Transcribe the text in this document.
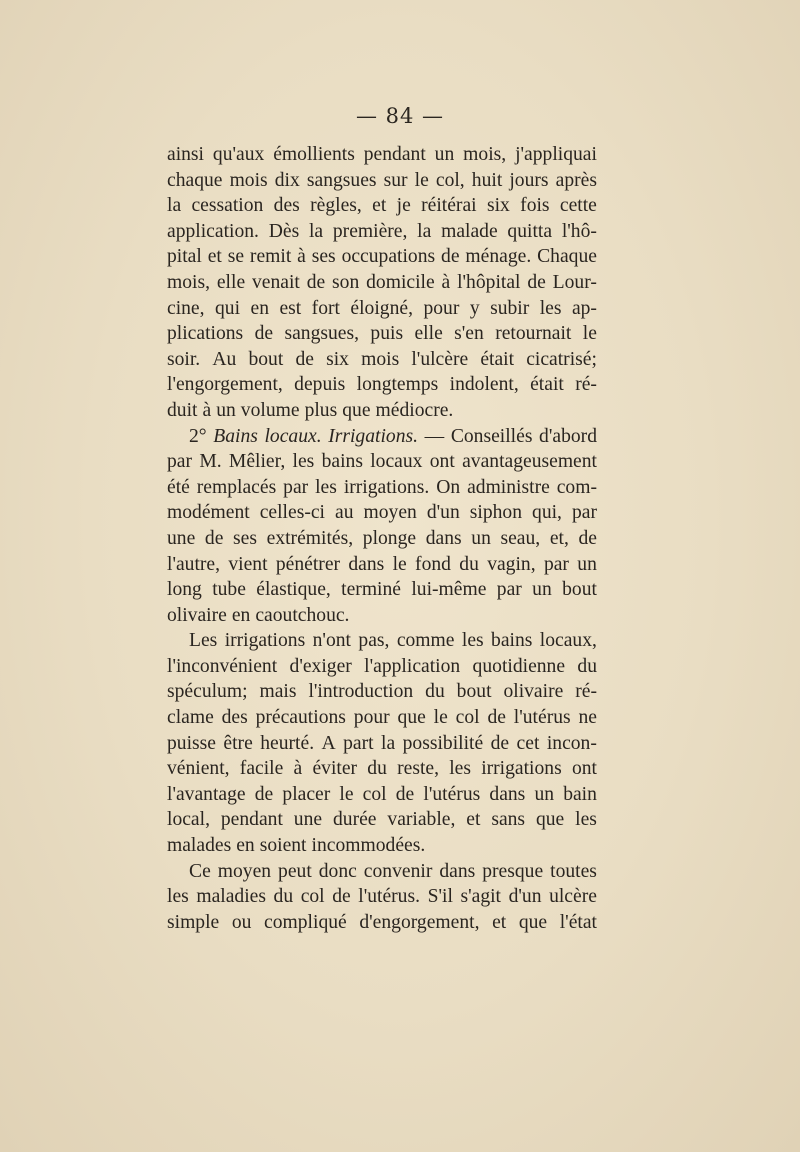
— 84 —
ainsi qu'aux émollients pendant un mois, j'appliquai
chaque mois dix sangsues sur le col, huit jours après
la cessation des règles, et je réitérai six fois cette
application. Dès la première, la malade quitta l'hô-
pital et se remit à ses occupations de ménage. Chaque
mois, elle venait de son domicile à l'hôpital de Lour-
cine, qui en est fort éloigné, pour y subir les ap-
plications de sangsues, puis elle s'en retournait le
soir. Au bout de six mois l'ulcère était cicatrisé;
l'engorgement, depuis longtemps indolent, était ré-
duit à un volume plus que médiocre.
2° Bains locaux. Irrigations. — Conseillés d'abord
par M. Mêlier, les bains locaux ont avantageusement
été remplacés par les irrigations. On administre com-
modément celles-ci au moyen d'un siphon qui, par
une de ses extrémités, plonge dans un seau, et, de
l'autre, vient pénétrer dans le fond du vagin, par un
long tube élastique, terminé lui-même par un bout
olivaire en caoutchouc.
Les irrigations n'ont pas, comme les bains locaux,
l'inconvénient d'exiger l'application quotidienne du
spéculum; mais l'introduction du bout olivaire ré-
clame des précautions pour que le col de l'utérus ne
puisse être heurté. A part la possibilité de cet incon-
vénient, facile à éviter du reste, les irrigations ont
l'avantage de placer le col de l'utérus dans un bain
local, pendant une durée variable, et sans que les
malades en soient incommodées.
Ce moyen peut donc convenir dans presque toutes
les maladies du col de l'utérus. S'il s'agit d'un ulcère
simple ou compliqué d'engorgement, et que l'état
